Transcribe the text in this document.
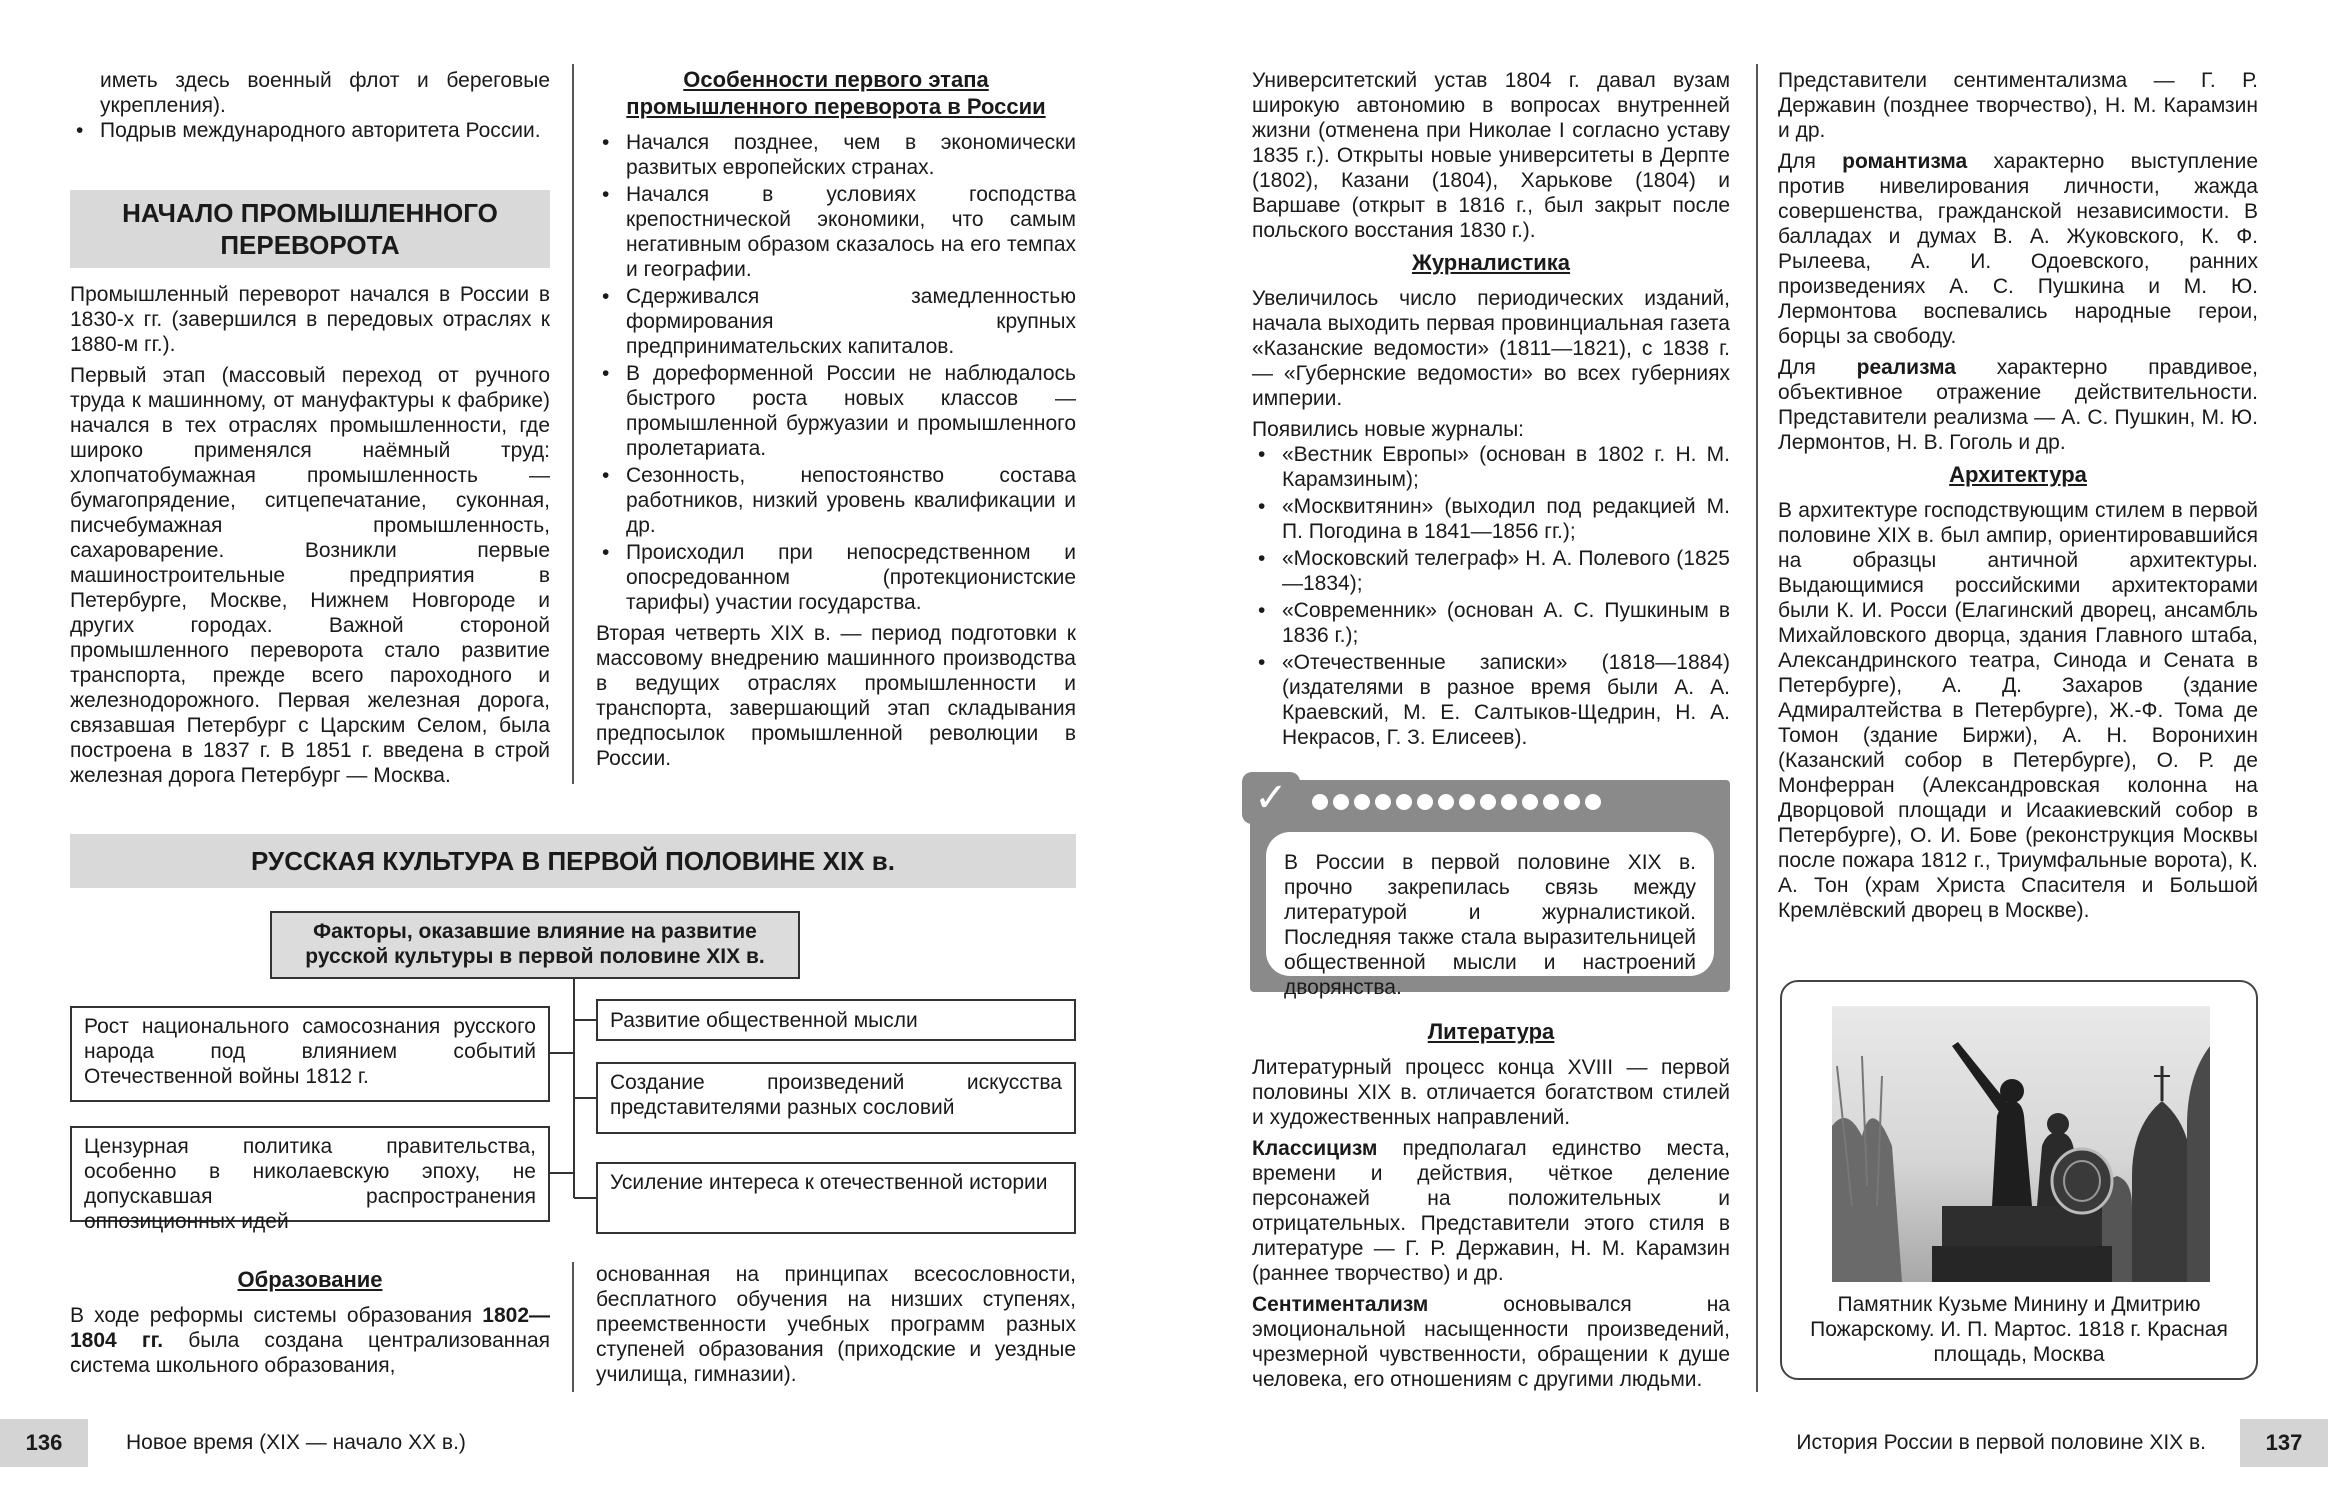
иметь здесь военный флот и береговые укрепления).

• Подрыв международного авторитета России.
НАЧАЛО ПРОМЫШЛЕННОГО ПЕРЕВОРОТА

Промышленный переворот начался в России в 1830-х гг. (завершился в передовых отраслях к 1880-м гг.).

Первый этап (массовый переход от ручного труда к машинному, от мануфактуры к фабрике) начался в тех отраслях промышленности, где широко применялся наёмный труд: хлопчатобумажная промышленность — бумагопрядение, ситцепечатание, суконная, писчебумажная промышленность, сахароварение. Возникли первые машиностроительные предприятия в Петербурге, Москве, Нижнем Новгороде и других городах. Важной стороной промышленного переворота стало развитие транспорта, прежде всего пароходного и железнодорожного. Первая железная дорога, связавшая Петербург с Царским Селом, была построена в 1837 г. В 1851 г. введена в строй железная дорога Петербург — Москва.

Особенности первого этапа промышленного переворота в России
• Начался позднее, чем в экономически развитых европейских странах.
• Начался в условиях господства крепостнической экономики, что самым негативным образом сказалось на его темпах и географии.
• Сдерживался замедленностью формирования крупных предпринимательских капиталов.
• В дореформенной России не наблюдалось быстрого роста новых классов — промышленной буржуазии и промышленного пролетариата.
• Сезонность, непостоянство состава работников, низкий уровень квалификации и др.
• Происходил при непосредственном и опосредованном (протекционистские тарифы) участии государства.

Вторая четверть XIX в. — период подготовки к массовому внедрению машинного производства в ведущих отраслях промышленности и транспорта, завершающий этап складывания предпосылок промышленной революции в России.

РУССКАЯ КУЛЬТУРА В ПЕРВОЙ ПОЛОВИНЕ XIX в.
Факторы, оказавшие влияние на развитие русской культуры в первой половине XIX в.
Рост национального самосознания русского народа под влиянием событий Отечественной войны 1812 г.
Цензурная политика правительства, особенно в николаевскую эпоху, не допускавшая распространения оппозиционных идей
Развитие общественной мысли
Создание произведений искусства представителями разных сословий
Усиление интереса к отечественной истории
Образование

В ходе реформы системы образования 1802—1804 гг. была создана централизованная система школьного образования,

основанная на принципах всесословности, бесплатного обучения на низших ступенях, преемственности учебных программ разных ступеней образования (приходские и уездные училища, гимназии).

136	Новое время (XIX — начало XX в.)

Университетский устав 1804 г. давал вузам широкую автономию в вопросах внутренней жизни (отменена при Николае I согласно уставу 1835 г.). Открыты новые университеты в Дерпте (1802), Казани (1804), Харькове (1804) и Варшаве (открыт в 1816 г., был закрыт после польского восстания 1830 г.).

Журналистика

Увеличилось число периодических изданий, начала выходить первая провинциальная газета «Казанские ведомости» (1811—1821), с 1838 г. — «Губернские ведомости» во всех губерниях империи.

Появились новые журналы:

• «Вестник Европы» (основан в 1802 г. Н. М. Карамзиным);
• «Москвитянин» (выходил под редакцией М. П. Погодина в 1841—1856 гг.);
• «Московский телеграф» Н. А. Полевого (1825—1834);
• «Современник» (основан А. С. Пушкиным в 1836 г.);
• «Отечественные записки» (1818—1884) (издателями в разное время были А. А. Краевский, М. Е. Салтыков-Щедрин, Н. А. Некрасов, Г. З. Елисеев).
✓
В России в первой половине XIX в. прочно закрепилась связь между литературой и журналистикой. Последняя также стала выразительницей общественной мысли и настроений дворянства.
Литература

Литературный процесс конца XVIII — первой половины XIX в. отличается богатством стилей и художественных направлений.

Классицизм предполагал единство места, времени и действия, чёткое деление персонажей на положительных и отрицательных. Представители этого стиля в литературе — Г. Р. Державин, Н. М. Карамзин (раннее творчество) и др.

Сентиментализм основывался на эмоциональной насыщенности произведений, чрезмерной чувственности, обращении к душе человека, его отношениям с другими людьми.

Представители сентиментализма — Г. Р. Державин (позднее творчество), Н. М. Карамзин и др.

Для романтизма характерно выступление против нивелирования личности, жажда совершенства, гражданской независимости. В балладах и думах В. А. Жуковского, К. Ф. Рылеева, А. И. Одоевского, ранних произведениях А. С. Пушкина и М. Ю. Лермонтова воспевались народные герои, борцы за свободу.

Для реализма характерно правдивое, объективное отражение действительности. Представители реализма — А. С. Пушкин, М. Ю. Лермонтов, Н. В. Гоголь и др.

Архитектура

В архитектуре господствующим стилем в первой половине XIX в. был ампир, ориентировавшийся на образцы античной архитектуры. Выдающимися российскими архитекторами были К. И. Росси (Елагинский дворец, ансамбль Михайловского дворца, здания Главного штаба, Александринского театра, Синода и Сената в Петербурге), А. Д. Захаров (здание Адмиралтейства в Петербурге), Ж.-Ф. Тома де Томон (здание Биржи), А. Н. Воронихин (Казанский собор в Петербурге), О. Р. де Монферран (Александровская колонна на Дворцовой площади и Исаакиевский собор в Петербурге), О. И. Бове (реконструкция Москвы после пожара 1812 г., Триумфальные ворота), К. А. Тон (храм Христа Спасителя и Большой Кремлёвский дворец в Москве).

Памятник Кузьме Минину и Дмитрию Пожарскому. И. П. Мартос. 1818 г. Красная площадь, Москва
История России в первой половине XIX в.	137
